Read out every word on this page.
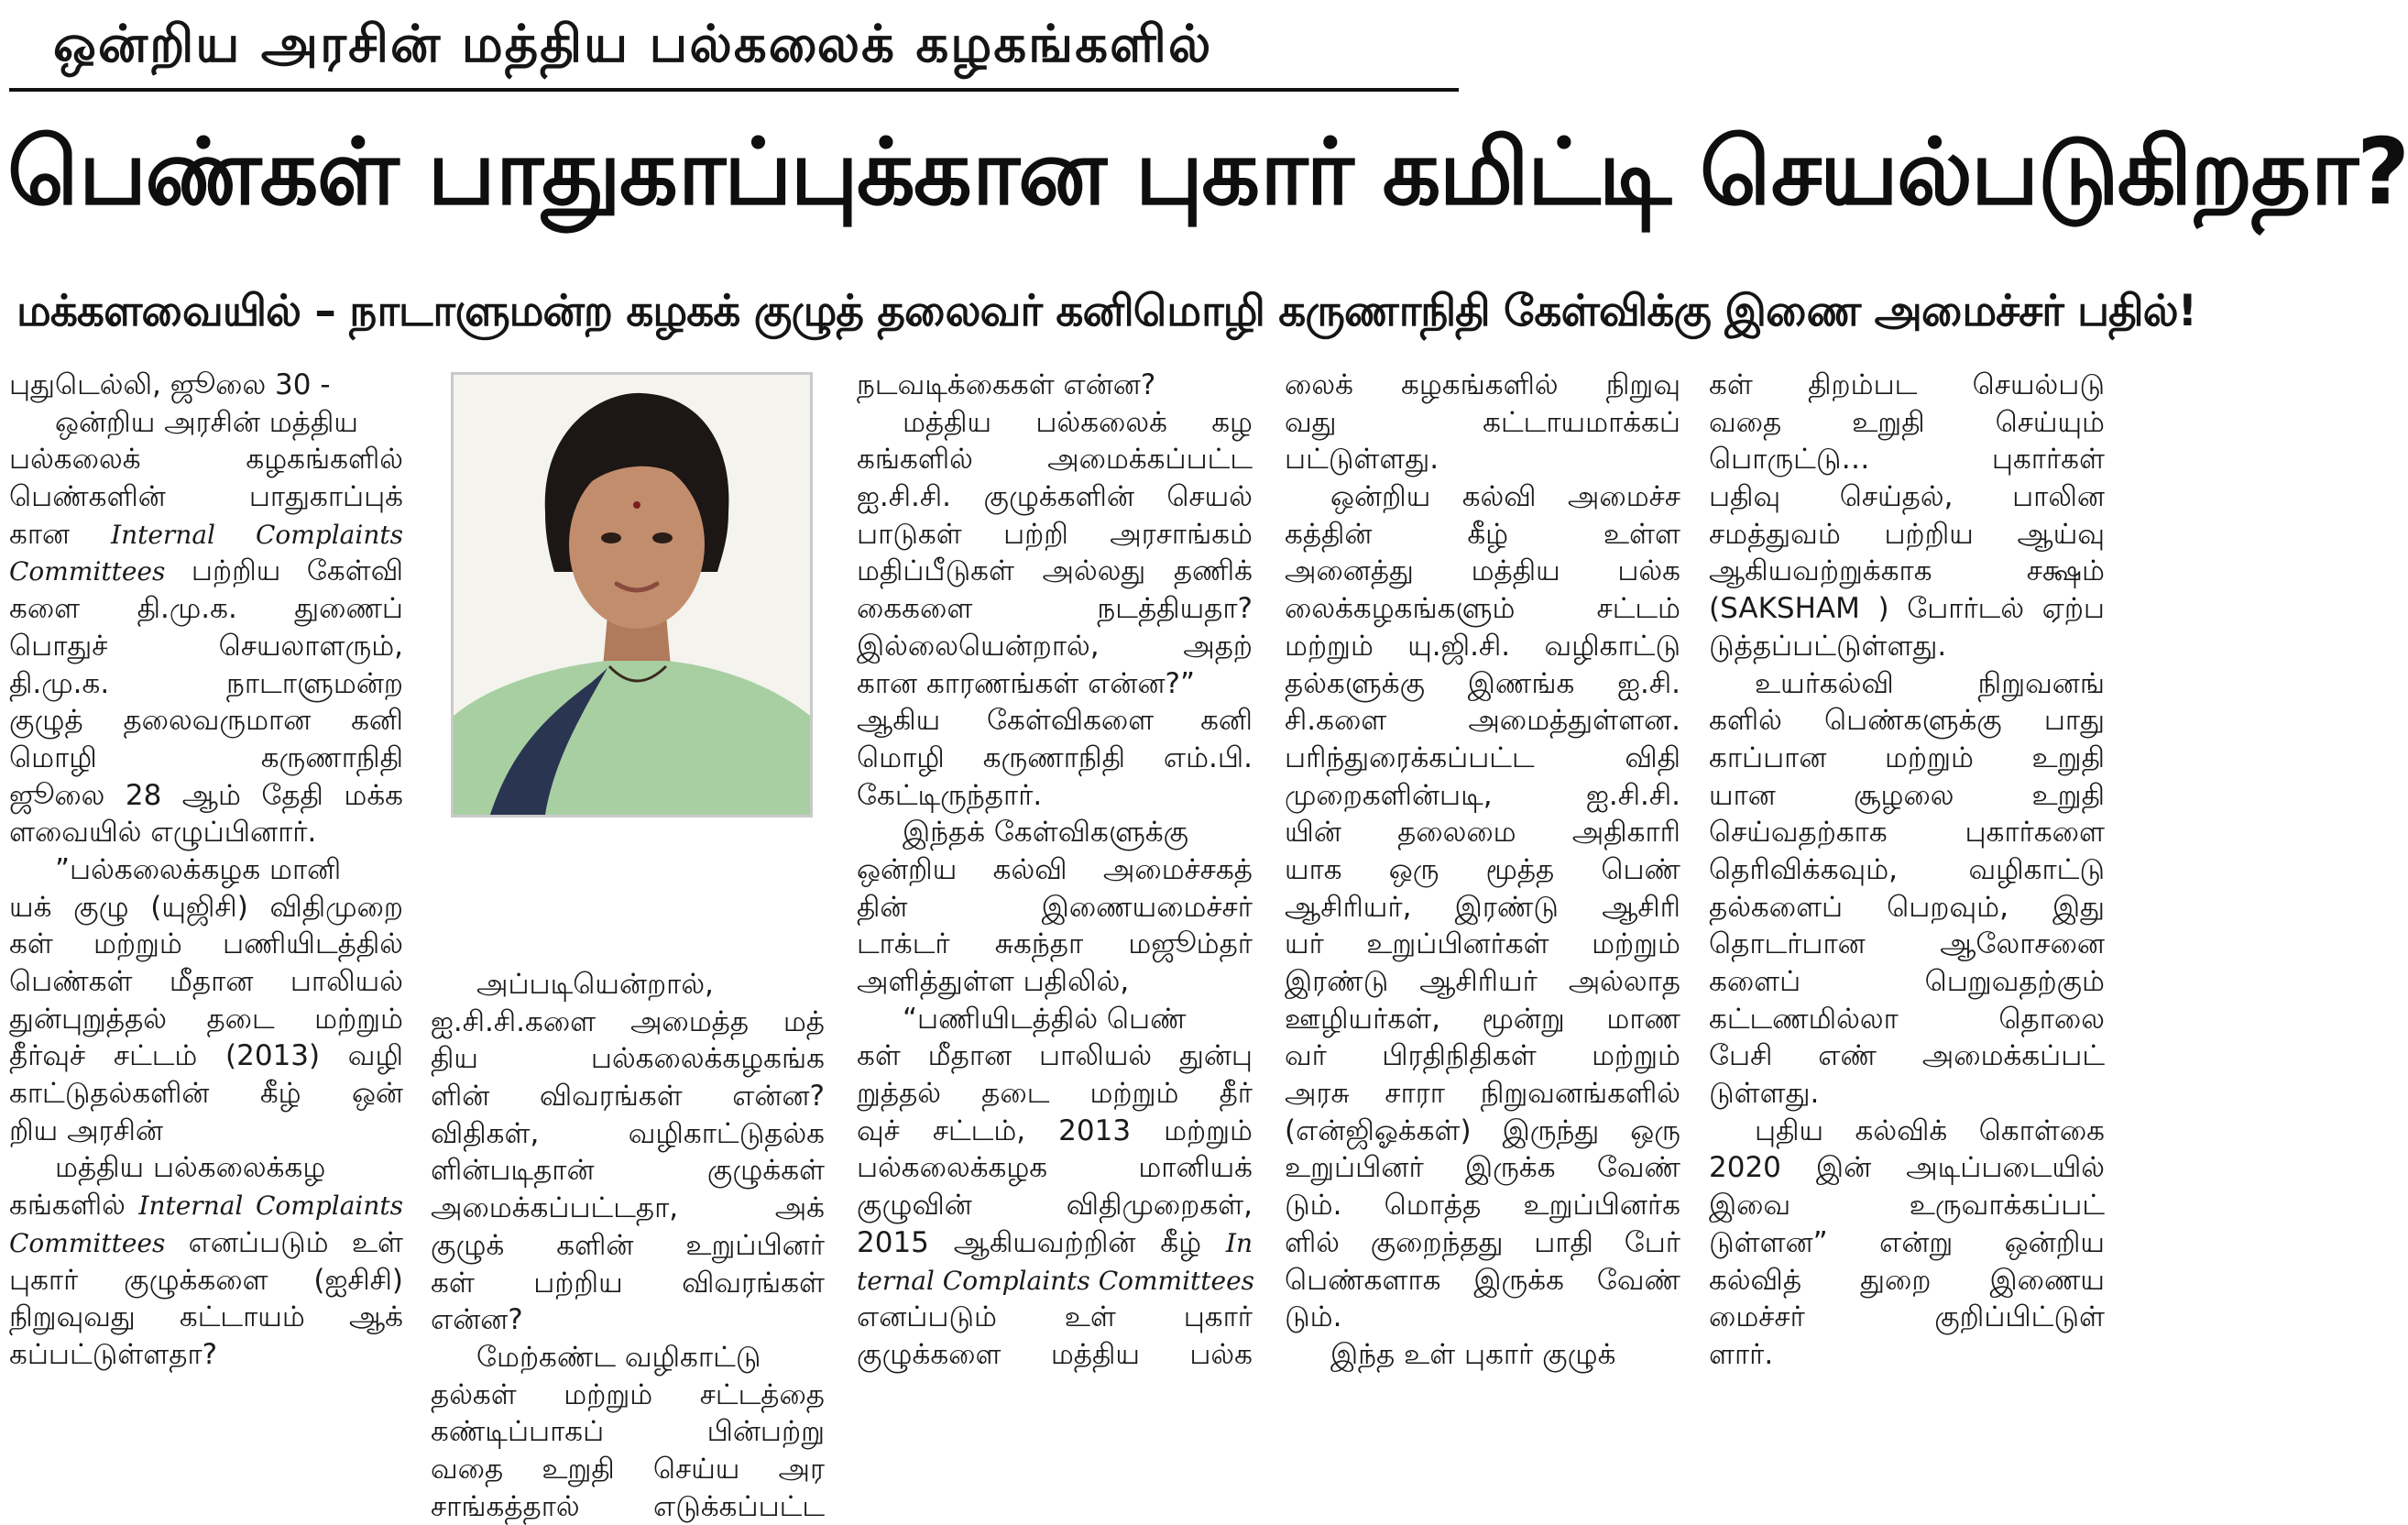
ஒன்றிய அரசின் மத்திய பல்கலைக் கழகங்களில்
பெண்கள் பாதுகாப்புக்கான புகார் கமிட்டி செயல்படுகிறதா?
மக்களவையில் – நாடாளுமன்ற கழகக் குழுத் தலைவர் கனிமொழி கருணாநிதி கேள்விக்கு இணை அமைச்சர் பதில்!
புதுடெல்லி, ஜூலை 30 -
ஒன்றிய அரசின் மத்திய
பல்கலைக் கழகங்களில்
பெண்களின் பாதுகாப்புக்
கான Internal Complaints
Committees பற்றிய கேள்வி
களை தி.மு.க. துணைப்
பொதுச் செயலாளரும்,
தி.மு.க. நாடாளுமன்ற
குழுத் தலைவருமான கனி
மொழி கருணாநிதி
ஜூலை 28 ஆம் தேதி மக்க
ளவையில் எழுப்பினார்.
”பல்கலைக்கழக மானி
யக் குழு (யுஜிசி) விதிமுறை
கள் மற்றும் பணியிடத்தில்
பெண்கள் மீதான பாலியல்
துன்புறுத்தல் தடை மற்றும்
தீர்வுச் சட்டம் (2013) வழி
காட்டுதல்களின் கீழ் ஒன்
றிய அரசின்
மத்திய பல்கலைக்கழ
கங்களில் Internal Complaints
Committees எனப்படும் உள்
புகார் குழுக்களை (ஐசிசி)
நிறுவுவது கட்டாயம் ஆக்
கப்பட்டுள்ளதா?
அப்படியென்றால்,
ஐ.சி.சி.களை அமைத்த மத்
திய பல்கலைக்கழகங்க
ளின் விவரங்கள் என்ன?
விதிகள், வழிகாட்டுதல்க
ளின்படிதான் குழுக்கள்
அமைக்கப்பட்டதா, அக்
குழுக் களின் உறுப்பினர்
கள் பற்றிய விவரங்கள்
என்ன?
மேற்கண்ட வழிகாட்டு
தல்கள் மற்றும் சட்டத்தை
கண்டிப்பாகப் பின்பற்று
வதை உறுதி செய்ய அர
சாங்கத்தால் எடுக்கப்பட்ட
நடவடிக்கைகள் என்ன?
மத்திய பல்கலைக் கழ
கங்களில் அமைக்கப்பட்ட
ஐ.சி.சி. குழுக்களின் செயல்
பாடுகள் பற்றி அரசாங்கம்
மதிப்பீடுகள் அல்லது தணிக்
கைகளை நடத்தியதா?
இல்லையென்றால், அதற்
கான காரணங்கள் என்ன?”
ஆகிய கேள்விகளை கனி
மொழி கருணாநிதி எம்.பி.
கேட்டிருந்தார்.
இந்தக் கேள்விகளுக்கு
ஒன்றிய கல்வி அமைச்சகத்
தின் இணையமைச்சர்
டாக்டர் சுகந்தா மஜூம்தர்
அளித்துள்ள பதிலில்,
“பணியிடத்தில் பெண்
கள் மீதான பாலியல் துன்பு
றுத்தல் தடை மற்றும் தீர்
வுச் சட்டம், 2013 மற்றும்
பல்கலைக்கழக மானியக்
குழுவின் விதிமுறைகள்,
2015 ஆகியவற்றின் கீழ் In
ternal Complaints Committees
எனப்படும் உள் புகார்
குழுக்களை மத்திய பல்க
லைக் கழகங்களில் நிறுவு
வது கட்டாயமாக்கப்
பட்டுள்ளது.
ஒன்றிய கல்வி அமைச்ச
கத்தின் கீழ் உள்ள
அனைத்து மத்திய பல்க
லைக்கழகங்களும் சட்டம்
மற்றும் யு.ஜி.சி. வழிகாட்டு
தல்களுக்கு இணங்க ஐ.சி.
சி.களை அமைத்துள்ளன.
பரிந்துரைக்கப்பட்ட விதி
முறைகளின்படி, ஐ.சி.சி.
யின் தலைமை அதிகாரி
யாக ஒரு மூத்த பெண்
ஆசிரியர், இரண்டு ஆசிரி
யர் உறுப்பினர்கள் மற்றும்
இரண்டு ஆசிரியர் அல்லாத
ஊழியர்கள், மூன்று மாண
வர் பிரதிநிதிகள் மற்றும்
அரசு சாரா நிறுவனங்களில்
(என்ஜிஓக்கள்) இருந்து ஒரு
உறுப்பினர் இருக்க வேண்
டும். மொத்த உறுப்பினர்க
ளில் குறைந்தது பாதி பேர்
பெண்களாக இருக்க வேண்
டும்.
இந்த உள் புகார் குழுக்
கள் திறம்பட செயல்படு
வதை உறுதி செய்யும்
பொருட்டு… புகார்கள்
பதிவு செய்தல், பாலின
சமத்துவம் பற்றிய ஆய்வு
ஆகியவற்றுக்காக சக்ஷம்
(SAKSHAM ) போர்டல் ஏற்ப
டுத்தப்பட்டுள்ளது.
உயர்கல்வி நிறுவனங்
களில் பெண்களுக்கு பாது
காப்பான மற்றும் உறுதி
யான சூழலை உறுதி
செய்வதற்காக புகார்களை
தெரிவிக்கவும், வழிகாட்டு
தல்களைப் பெறவும், இது
தொடர்பான ஆலோசனை
களைப் பெறுவதற்கும்
கட்டணமில்லா தொலை
பேசி எண் அமைக்கப்பட்
டுள்ளது.
புதிய கல்விக் கொள்கை
2020 இன் அடிப்படையில்
இவை உருவாக்கப்பட்
டுள்ளன” என்று ஒன்றிய
கல்வித் துறை இணைய
மைச்சர் குறிப்பிட்டுள்
ளார்.
